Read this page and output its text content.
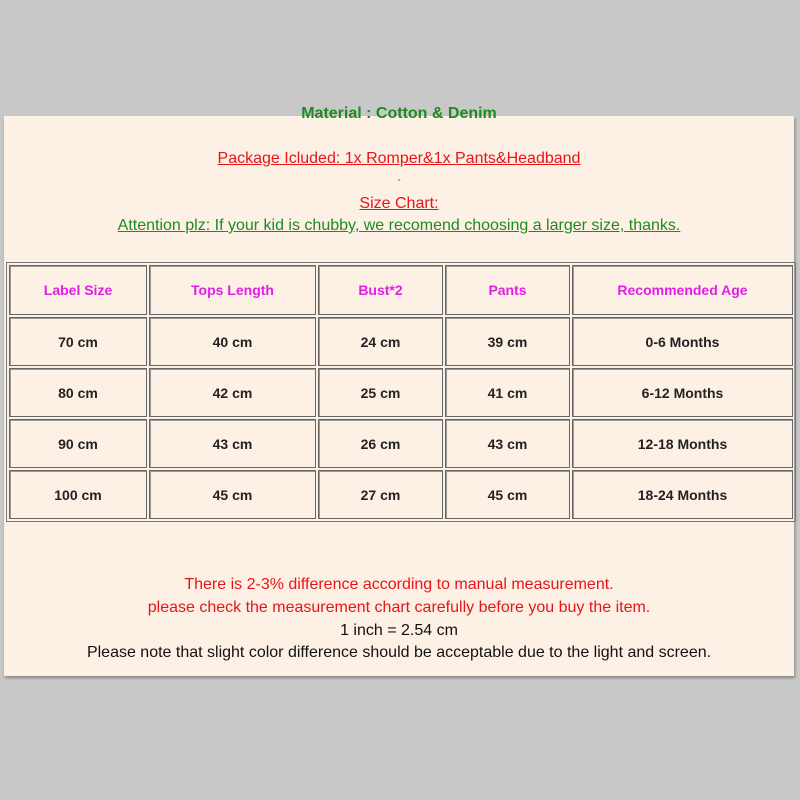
Material : Cotton & Denim
Package Icluded: 1x Romper&1x Pants&Headband
-
Size Chart:
Attention plz: If your kid is chubby, we recomend choosing a larger size, thanks.
Label Size	Tops Length	Bust*2	Pants	Recommended Age
70 cm	40 cm	24 cm	39 cm	0-6 Months
80 cm	42 cm	25 cm	41 cm	6-12 Months
90 cm	43 cm	26 cm	43 cm	12-18 Months
100 cm	45 cm	27 cm	45 cm	18-24 Months
There is 2-3% difference according to manual measurement.
please check the measurement chart carefully before you buy the item.
1 inch = 2.54 cm
Please note that slight color difference should be acceptable due to the light and screen.
